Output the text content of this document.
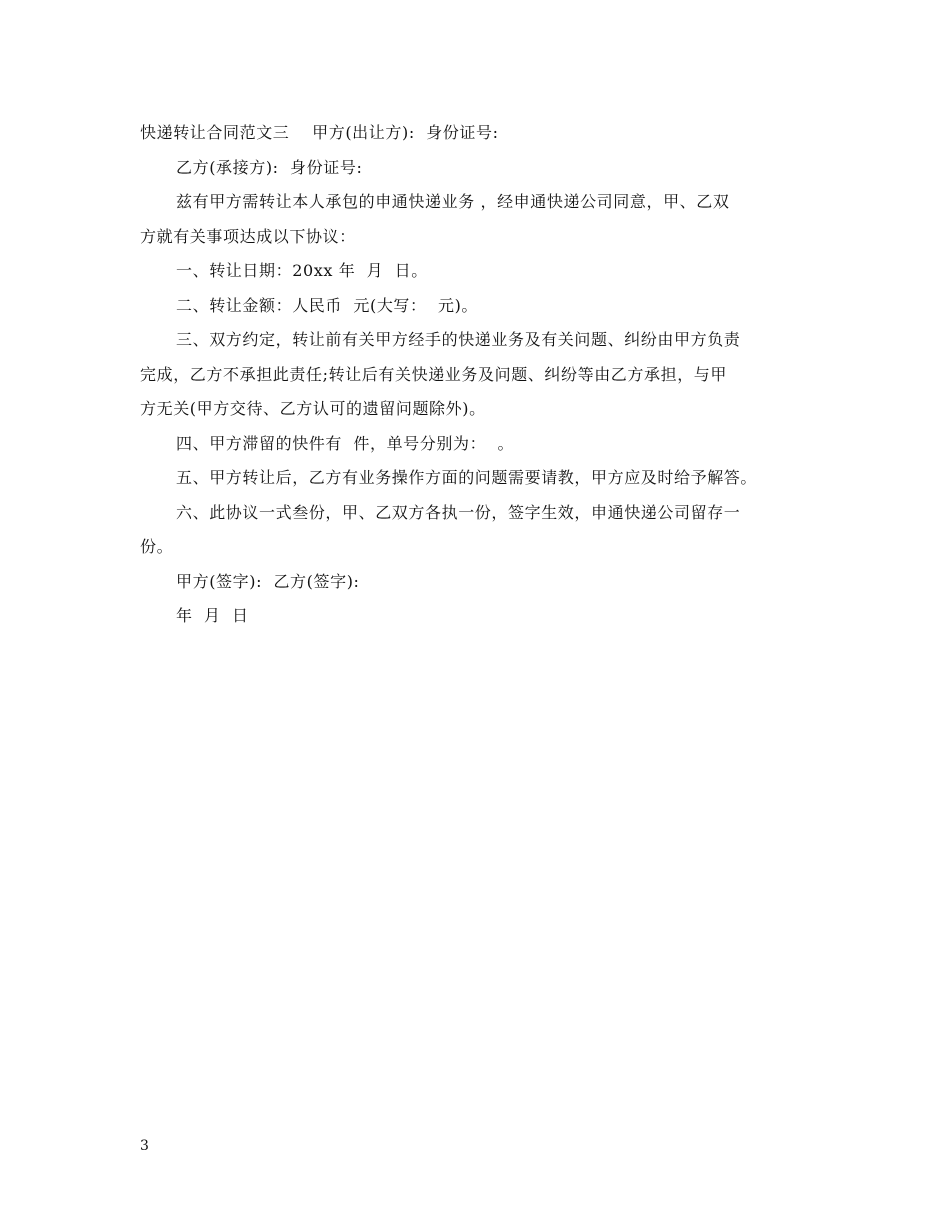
快递转让合同范文三    甲方(出让方):  身份证号:

乙方(承接方):  身份证号:

兹有甲方需转让本人承包的申通快递业务 ，经申通快递公司同意，甲、乙双

方就有关事项达成以下协议：

一、转让日期：20xx 年  月  日。

二、转让金额：人民币  元(大写：  元)。

三、双方约定，转让前有关甲方经手的快递业务及有关问题、纠纷由甲方负责

完成，乙方不承担此责任;转让后有关快递业务及问题、纠纷等由乙方承担，与甲

方无关(甲方交待、乙方认可的遗留问题除外)。

四、甲方滞留的快件有  件，单号分别为：  。

五、甲方转让后，乙方有业务操作方面的问题需要请教，甲方应及时给予解答。

六、此协议一式叁份，甲、乙双方各执一份，签字生效，申通快递公司留存一

份。

甲方(签字):  乙方(签字):

年  月  日

3
